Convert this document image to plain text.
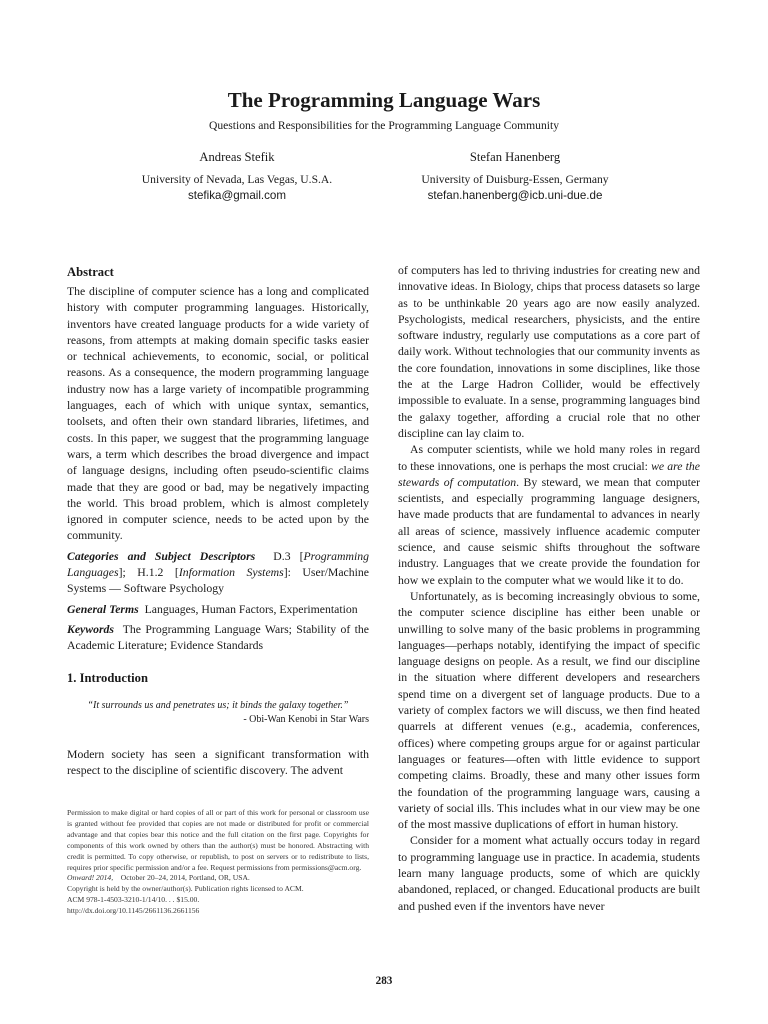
The Programming Language Wars
Questions and Responsibilities for the Programming Language Community
Andreas Stefik
University of Nevada, Las Vegas, U.S.A.
stefika@gmail.com
Stefan Hanenberg
University of Duisburg-Essen, Germany
stefan.hanenberg@icb.uni-due.de
Abstract

The discipline of computer science has a long and complicated history with computer programming languages. Historically, inventors have created language products for a wide variety of reasons, from attempts at making domain specific tasks easier or technical achievements, to economic, social, or political reasons. As a consequence, the modern programming language industry now has a large variety of incompatible programming languages, each of which with unique syntax, semantics, toolsets, and often their own standard libraries, lifetimes, and costs. In this paper, we suggest that the programming language wars, a term which describes the broad divergence and impact of language designs, including often pseudo-scientific claims made that they are good or bad, may be negatively impacting the world. This broad problem, which is almost completely ignored in computer science, needs to be acted upon by the community.

Categories and Subject Descriptors D.3 [Programming Languages]; H.1.2 [Information Systems]: User/Machine Systems — Software Psychology

General Terms Languages, Human Factors, Experimentation

Keywords The Programming Language Wars; Stability of the Academic Literature; Evidence Standards

1. Introduction
“It surrounds us and penetrates us; it binds the galaxy together.”
- Obi-Wan Kenobi in Star Wars

Modern society has seen a significant transformation with respect to the discipline of scientific discovery. The advent

Permission to make digital or hard copies of all or part of this work for personal or classroom use is granted without fee provided that copies are not made or distributed for profit or commercial advantage and that copies bear this notice and the full citation on the first page. Copyrights for components of this work owned by others than the author(s) must be honored. Abstracting with credit is permitted. To copy otherwise, or republish, to post on servers or to redistribute to lists, requires prior specific permission and/or a fee. Request permissions from permissions@acm.org.

Onward! 2014,    October 20–24, 2014, Portland, OR, USA.

Copyright is held by the owner/author(s). Publication rights licensed to ACM.

ACM 978-1-4503-3210-1/14/10. . . $15.00.

http://dx.doi.org/10.1145/2661136.2661156

of computers has led to thriving industries for creating new and innovative ideas. In Biology, chips that process datasets so large as to be unthinkable 20 years ago are now easily analyzed. Psychologists, medical researchers, physicists, and the entire software industry, regularly use computations as a core part of daily work. Without technologies that our community invents as the core foundation, innovations in some disciplines, like those the at the Large Hadron Collider, would be effectively impossible to evaluate. In a sense, programming languages bind the galaxy together, affording a crucial role that no other discipline can lay claim to.

As computer scientists, while we hold many roles in regard to these innovations, one is perhaps the most crucial: we are the stewards of computation. By steward, we mean that computer scientists, and especially programming language designers, have made products that are fundamental to advances in nearly all areas of science, massively influence academic computer science, and cause seismic shifts throughout the software industry. Languages that we create provide the foundation for how we explain to the computer what we would like it to do.

Unfortunately, as is becoming increasingly obvious to some, the computer science discipline has either been unable or unwilling to solve many of the basic problems in programming languages—perhaps notably, identifying the impact of specific language designs on people. As a result, we find our discipline in the situation where different developers and researchers spend time on a divergent set of language products. Due to a variety of complex factors we will discuss, we then find heated quarrels at different venues (e.g., academia, conferences, offices) where competing groups argue for or against particular languages or features—often with little evidence to support competing claims. Broadly, these and many other issues form the foundation of the programming language wars, causing a variety of social ills. This includes what in our view may be one of the most massive duplications of effort in human history.

Consider for a moment what actually occurs today in regard to programming language use in practice. In academia, students learn many language products, some of which are quickly abandoned, replaced, or changed. Educational products are built and pushed even if the inventors have never

283
